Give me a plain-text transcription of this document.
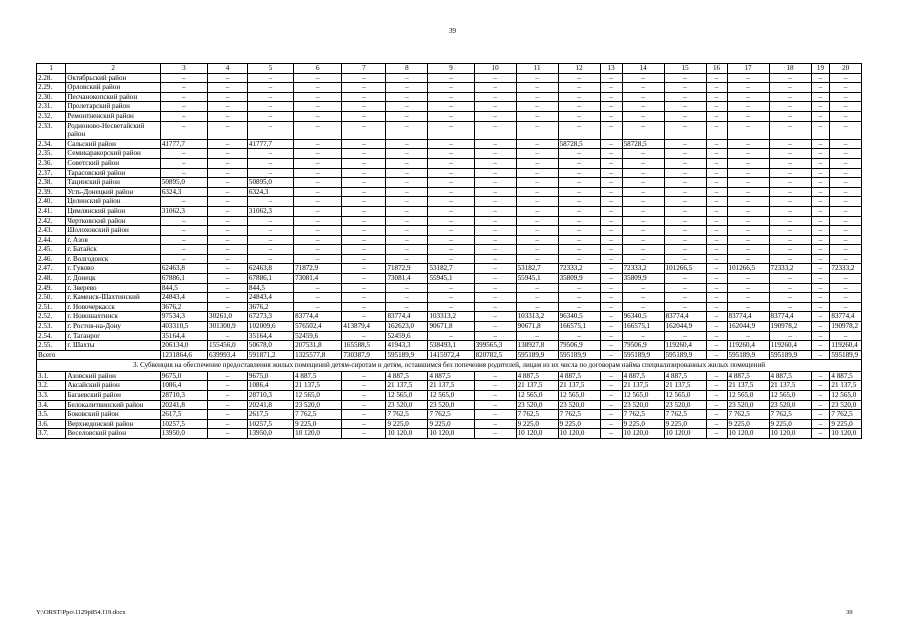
39
1	2	3	4	5	6	7	8	9	10	11	12	13	14	15	16	17	18	19	20
2.28.	Октябрьский район	–	–	–	–	–	–	–	–	–	–	–	–	–	–	–	–	–	–
2.29.	Орловский район	–	–	–	–	–	–	–	–	–	–	–	–	–	–	–	–	–	–
2.30.	Песчанокопский район	–	–	–	–	–	–	–	–	–	–	–	–	–	–	–	–	–	–
2.31.	Пролетарский район	–	–	–	–	–	–	–	–	–	–	–	–	–	–	–	–	–	–
2.32.	Ремонтненский район	–	–	–	–	–	–	–	–	–	–	–	–	–	–	–	–	–	–
2.33.	Родионово-Несветайский район	–	–	–	–	–	–	–	–	–	–	–	–	–	–	–	–	–	–
2.34.	Сальский район	41777,7	–	41777,7	–	–	–	–	–	–	58728,5	–	58728,5	–	–	–	–	–	–
2.35.	Семикаракорский район	–	–	–	–	–	–	–	–	–	–	–	–	–	–	–	–	–	–
2.36.	Советский район	–	–	–	–	–	–	–	–	–	–	–	–	–	–	–	–	–	–
2.37.	Тарасовский район	–	–	–	–	–	–	–	–	–	–	–	–	–	–	–	–	–	–
2.38.	Тацинский район	50895,0	–	50895,0	–	–	–	–	–	–	–	–	–	–	–	–	–	–	–
2.39.	Усть-Донецкий район	6324,3	–	6324,3	–	–	–	–	–	–	–	–	–	–	–	–	–	–	–
2.40.	Целинский район	–	–	–	–	–	–	–	–	–	–	–	–	–	–	–	–	–	–
2.41.	Цимлянский район	31062,3	–	31062,3	–	–	–	–	–	–	–	–	–	–	–	–	–	–	–
2.42.	Чертковский район	–	–	–	–	–	–	–	–	–	–	–	–	–	–	–	–	–	–
2.43.	Шолоховский район	–	–	–	–	–	–	–	–	–	–	–	–	–	–	–	–	–	–
2.44.	г. Азов	–	–	–	–	–	–	–	–	–	–	–	–	–	–	–	–	–	–
2.45.	г. Батайск	–	–	–	–	–	–	–	–	–	–	–	–	–	–	–	–	–	–
2.46.	г. Волгодонск	–	–	–	–	–	–	–	–	–	–	–	–	–	–	–	–	–	–
2.47.	г. Гуково	62463,8	–	62463,8	71872,9	–	71872,9	53182,7	–	53182,7	72333,2	–	72333,2	101266,5	–	101266,5	72333,2	–	72333,2
2.48.	г. Донецк	67886,1	–	67886,1	73081,4	–	73081,4	55945,1	–	55945,1	35809,9	–	35809,9	–	–	–	–	–	–
2.49.	г. Зверево	844,5	–	844,5	–	–	–	–	–	–	–	–	–	–	–	–	–	–	–
2.50.	г. Каменск-Шахтинский	24843,4	–	24843,4	–	–	–	–	–	–	–	–	–	–	–	–	–	–	–
2.51.	г. Новочеркасск	3676,2	–	3676,2	–	–	–	–	–	–	–	–	–	–	–	–	–	–	–
2.52.	г. Новошахтинск	97534,3	30261,0	67273,3	83774,4	–	83774,4	103313,2	–	103313,2	96340,5	–	96340,5	83774,4	–	83774,4	83774,4	–	83774,4
2.53.	г. Ростов-на-Дону	403310,5	301300,9	102009,6	576502,4	413879,4	162623,0	90671,8	–	90671,8	166575,1	–	166575,1	162044,9	–	162044,9	190978,2	–	190978,2
2.54.	г. Таганрог	35164,4	–	35164,4	52459,6	–	52459,6	–	–	–	–	–	–	–	–	–	–	–	–
2.55.	г. Шахты	206134,0	155456,0	50678,0	207531,8	165588,5	41943,3	538493,1	399565,3	138927,8	79506,9	–	79506,9	119260,4	–	119260,4	119260,4	–	119260,4
Всего		1231864,6	639993,4	591871,2	1325577,8	730387,9	595189,9	1415972,4	820782,5	595189,9	595189,9	–	595189,9	595189,9	–	595189,9	595189,9	–	595189,9
3. Субвенция на обеспечение предоставления жилых помещений детям-сиротам и детям, оставшимся без попечения родителей, лицам из их числа по договорам найма специализированных жилых помещений																			
3.1.	Азовский район	9675,0	–	9675,0	4 887,5	–	4 887,5	4 887,5	–	4 887,5	4 887,5	–	4 887,5	4 887,5	–	4 887,5	4 887,5	–	4 887,5
3.2.	Аксайский район	1086,4	–	1086,4	21 137,5	–	21 137,5	21 137,5	–	21 137,5	21 137,5	–	21 137,5	21 137,5	–	21 137,5	21 137,5	–	21 137,5
3.3.	Багаевский район	28710,3	–	28710,3	12 565,0	–	12 565,0	12 565,0	–	12 565,0	12 565,0	–	12 565,0	12 565,0	–	12 565,0	12 565,0	–	12 565,0
3.4.	Белокалитвинский район	20241,8	–	20241,8	23 520,0	–	23 520,0	23 520,0	–	23 520,0	23 520,0	–	23 520,0	23 520,0	–	23 520,0	23 520,0	–	23 520,0
3.5.	Боковский район	2617,5	–	2617,5	7 762,5	–	7 762,5	7 762,5	–	7 762,5	7 762,5	–	7 762,5	7 762,5	–	7 762,5	7 762,5	–	7 762,5
3.6.	Верхнедонской район	10257,5	–	10257,5	9 225,0	–	9 225,0	9 225,0	–	9 225,0	9 225,0	–	9 225,0	9 225,0	–	9 225,0	9 225,0	–	9 225,0
3.7.	Веселовский район	13950,0	–	13950,0	10 120,0	–	10 120,0	10 120,0	–	10 120,0	10 120,0	–	10 120,0	10 120,0	–	10 120,0	10 120,0	–	10 120,0
Y:\ORST\Ppo\1129p854.f19.docx	39
